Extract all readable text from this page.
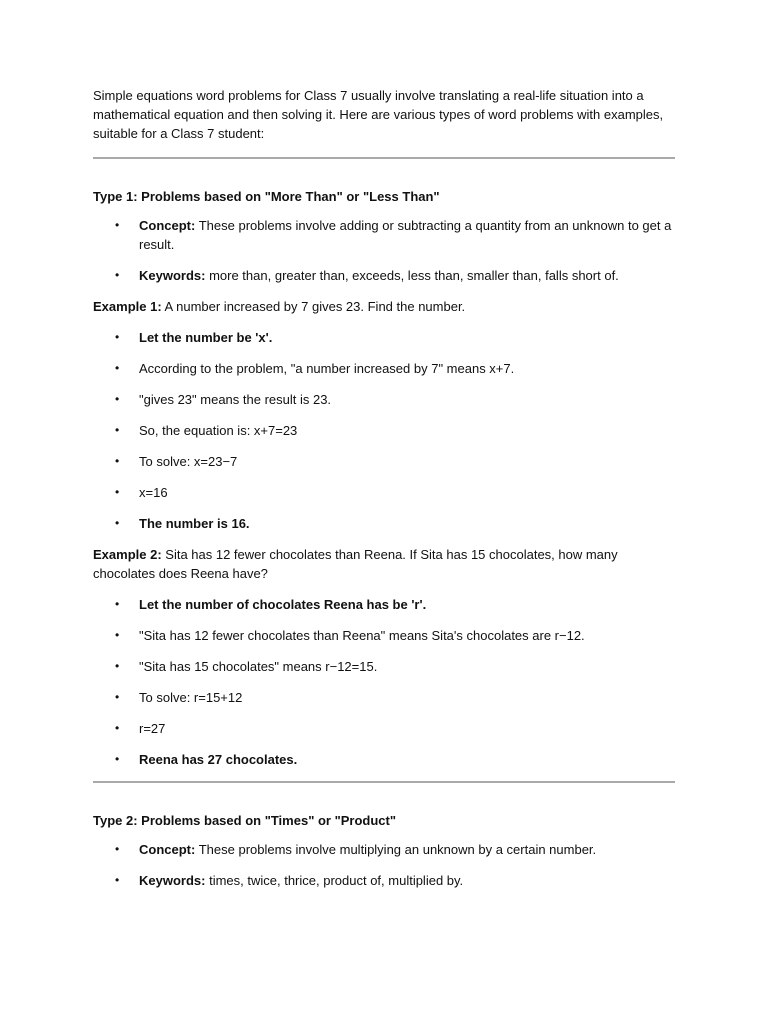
Simple equations word problems for Class 7 usually involve translating a real-life situation into a mathematical equation and then solving it. Here are various types of word problems with examples, suitable for a Class 7 student:

Type 1: Problems based on "More Than" or "Less Than"

• Concept: These problems involve adding or subtracting a quantity from an unknown to get a result.
• Keywords: more than, greater than, exceeds, less than, smaller than, falls short of.

Example 1: A number increased by 7 gives 23. Find the number.

• Let the number be 'x'.
• According to the problem, "a number increased by 7" means x+7.
• "gives 23" means the result is 23.
• So, the equation is: x+7=23
• To solve: x=23−7
• x=16
• The number is 16.

Example 2: Sita has 12 fewer chocolates than Reena. If Sita has 15 chocolates, how many chocolates does Reena have?

• Let the number of chocolates Reena has be 'r'.
• "Sita has 12 fewer chocolates than Reena" means Sita's chocolates are r−12.
• "Sita has 15 chocolates" means r−12=15.
• To solve: r=15+12
• r=27
• Reena has 27 chocolates.

Type 2: Problems based on "Times" or "Product"

• Concept: These problems involve multiplying an unknown by a certain number.
• Keywords: times, twice, thrice, product of, multiplied by.
